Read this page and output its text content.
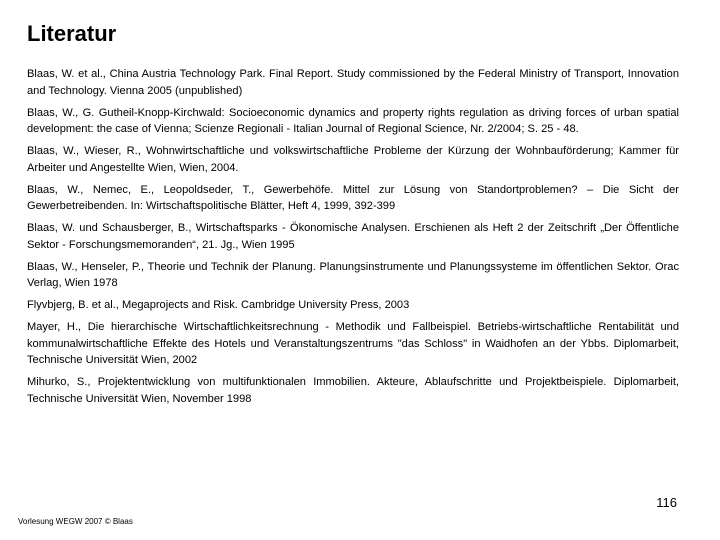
Literatur
Blaas, W. et al., China Austria Technology Park. Final Report. Study commissioned by the Federal Ministry of Transport, Innovation and Technology. Vienna 2005 (unpublished)
Blaas, W., G. Gutheil-Knopp-Kirchwald: Socioeconomic dynamics and property rights regulation as driving forces of urban spatial development: the case of Vienna; Scienze Regionali - Italian Journal of Regional Science, Nr. 2/2004; S. 25 - 48.
Blaas, W., Wieser, R., Wohnwirtschaftliche und volkswirtschaftliche Probleme der Kürzung der Wohnbauförderung; Kammer für Arbeiter und Angestellte Wien, Wien, 2004.
Blaas, W., Nemec, E., Leopoldseder, T., Gewerbehöfe. Mittel zur Lösung von Standortproblemen? – Die Sicht der Gewerbetreibenden. In: Wirtschaftspolitische Blätter, Heft 4, 1999, 392-399
Blaas, W. und Schausberger, B., Wirtschaftsparks - Ökonomische Analysen. Erschienen als Heft 2 der Zeitschrift „Der Öffentliche Sektor - Forschungsmemoranden“, 21. Jg., Wien 1995
Blaas, W., Henseler, P., Theorie und Technik der Planung. Planungsinstrumente und Planungssysteme im öffentlichen Sektor. Orac Verlag, Wien 1978
Flyvbjerg, B. et al., Megaprojects and Risk. Cambridge University Press, 2003
Mayer, H., Die hierarchische Wirtschaftlichkeitsrechnung - Methodik und Fallbeispiel. Betriebs-wirtschaftliche Rentabilität und kommunalwirtschaftliche Effekte des Hotels und Veranstaltungszentrums "das Schloss" in Waidhofen an der Ybbs. Diplomarbeit, Technische Universität Wien, 2002
Mihurko, S., Projektentwicklung von multifunktionalen Immobilien. Akteure, Ablaufschritte und Projektbeispiele. Diplomarbeit, Technische Universität Wien, November 1998
116
Vorlesung WEGW 2007 © Blaas
